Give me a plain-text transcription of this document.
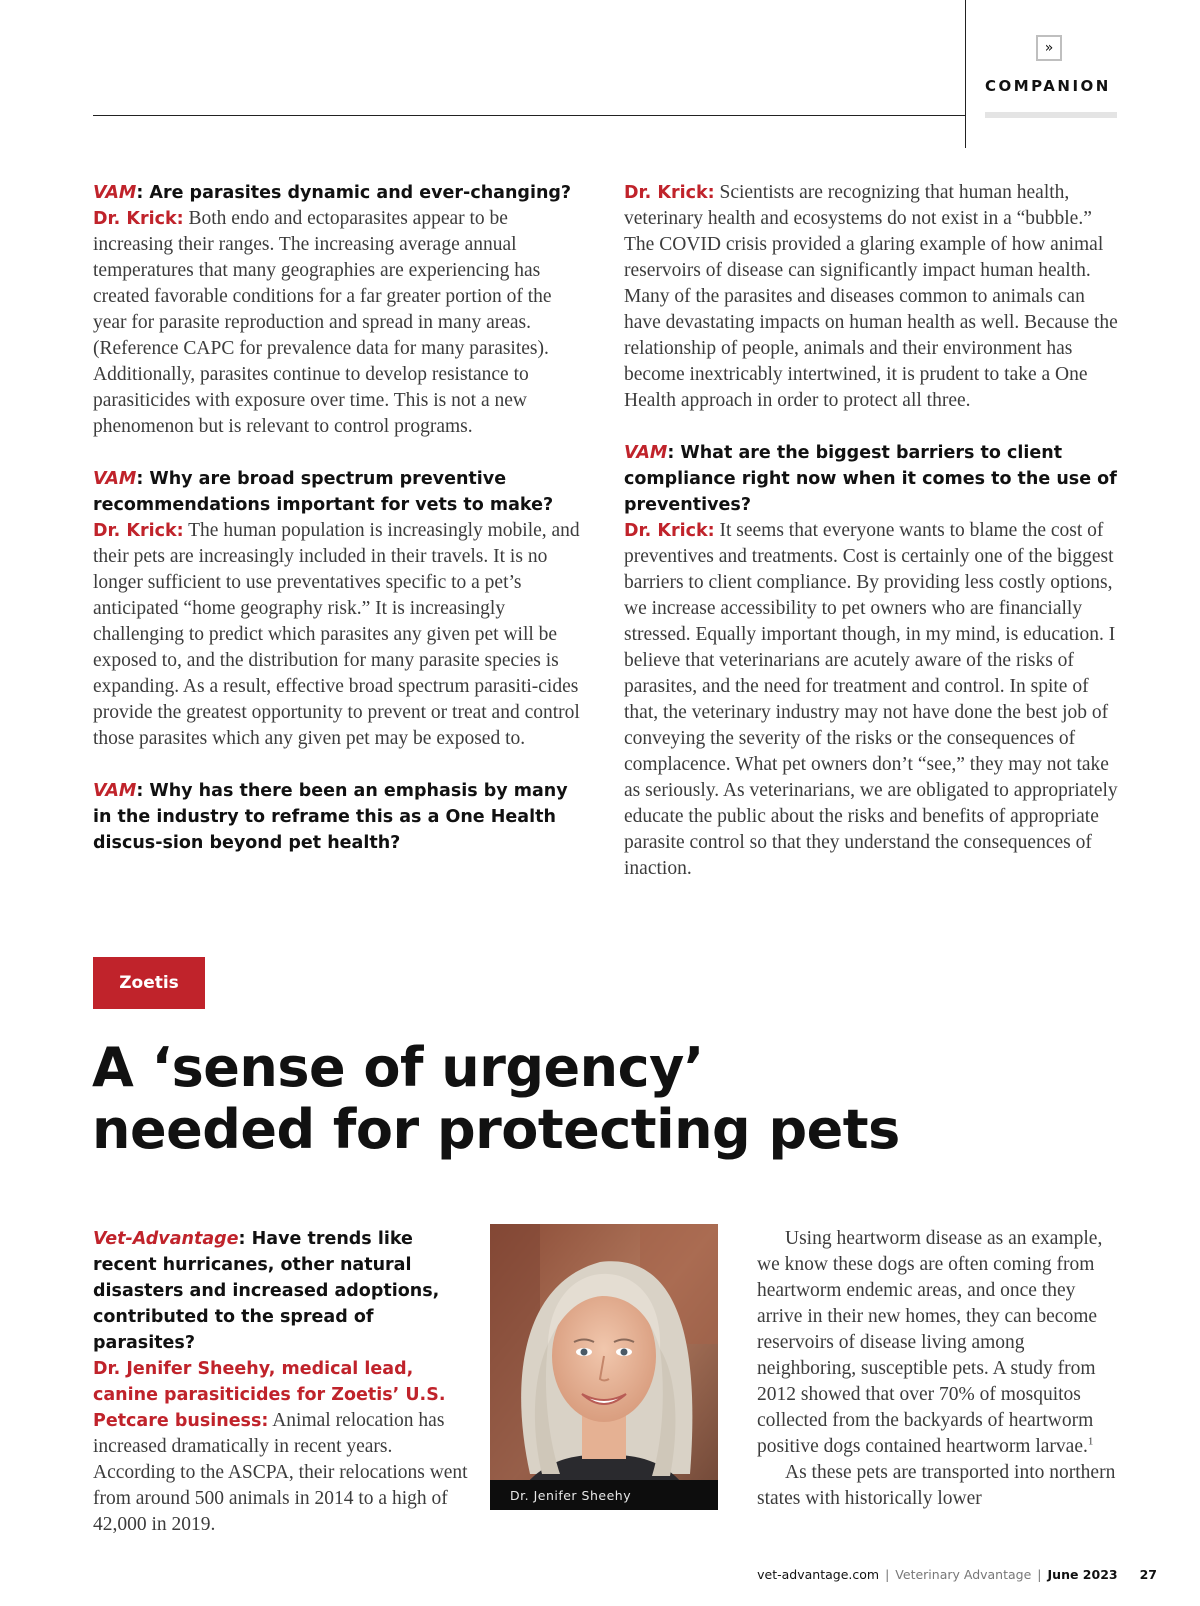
»
COMPANION

VAM: Are parasites dynamic and ever-changing?

Dr. Krick: Both endo and ectoparasites appear to be increasing their ranges. The increasing average annual temperatures that many geographies are experiencing has created favorable conditions for a far greater portion of the year for parasite reproduction and spread in many areas. (Reference CAPC for prevalence data for many parasites). Additionally, parasites continue to develop resistance to parasiticides with exposure over time. This is not a new phenomenon but is relevant to control programs.

VAM: Why are broad spectrum preventive recommendations important for vets to make?

Dr. Krick: The human population is increasingly mobile, and their pets are increasingly included in their travels. It is no longer sufficient to use preventatives specific to a pet’s anticipated “home geography risk.” It is increasingly challenging to predict which parasites any given pet will be exposed to, and the distribution for many parasite species is expanding. As a result, effective broad spectrum parasiti-cides provide the greatest opportunity to prevent or treat and control those parasites which any given pet may be exposed to.

VAM: Why has there been an emphasis by many in the industry to reframe this as a One Health discus-sion beyond pet health?

Dr. Krick: Scientists are recognizing that human health, veterinary health and ecosystems do not exist in a “bubble.” The COVID crisis provided a glaring example of how animal reservoirs of disease can significantly impact human health. Many of the parasites and diseases common to animals can have devastating impacts on human health as well. Because the relationship of people, animals and their environment has become inextricably intertwined, it is prudent to take a One Health approach in order to protect all three.

VAM: What are the biggest barriers to client compliance right now when it comes to the use of preventives?

Dr. Krick: It seems that everyone wants to blame the cost of preventives and treatments. Cost is certainly one of the biggest barriers to client compliance. By providing less costly options, we increase accessibility to pet owners who are financially stressed. Equally important though, in my mind, is education. I believe that veterinarians are acutely aware of the risks of parasites, and the need for treatment and control. In spite of that, the veterinary industry may not have done the best job of conveying the severity of the risks or the consequences of complacence. What pet owners don’t “see,” they may not take as seriously. As veterinarians, we are obligated to appropriately educate the public about the risks and benefits of appropriate parasite control so that they understand the consequences of inaction.

Zoetis
A ‘sense of urgency’ needed for protecting pets

Vet-Advantage: Have trends like recent hurricanes, other natural disasters and increased adoptions, contributed to the spread of parasites?
Dr. Jenifer Sheehy, medical lead, canine parasiticides for Zoetis’ U.S. Petcare business: Animal relocation has increased dramatically in recent years. According to the ASCPA, their relocations went from around 500 animals in 2014 to a high of 42,000 in 2019.

Dr. Jenifer Sheehy

Using heartworm disease as an example, we know these dogs are often coming from heartworm endemic areas, and once they arrive in their new homes, they can become reservoirs of disease living among neighboring, susceptible pets. A study from 2012 showed that over 70% of mosquitos collected from the backyards of heartworm positive dogs contained heartworm larvae.$^1$

As these pets are transported into northern states with historically lower

vet-advantage.com | Veterinary Advantage | June 2023 27
